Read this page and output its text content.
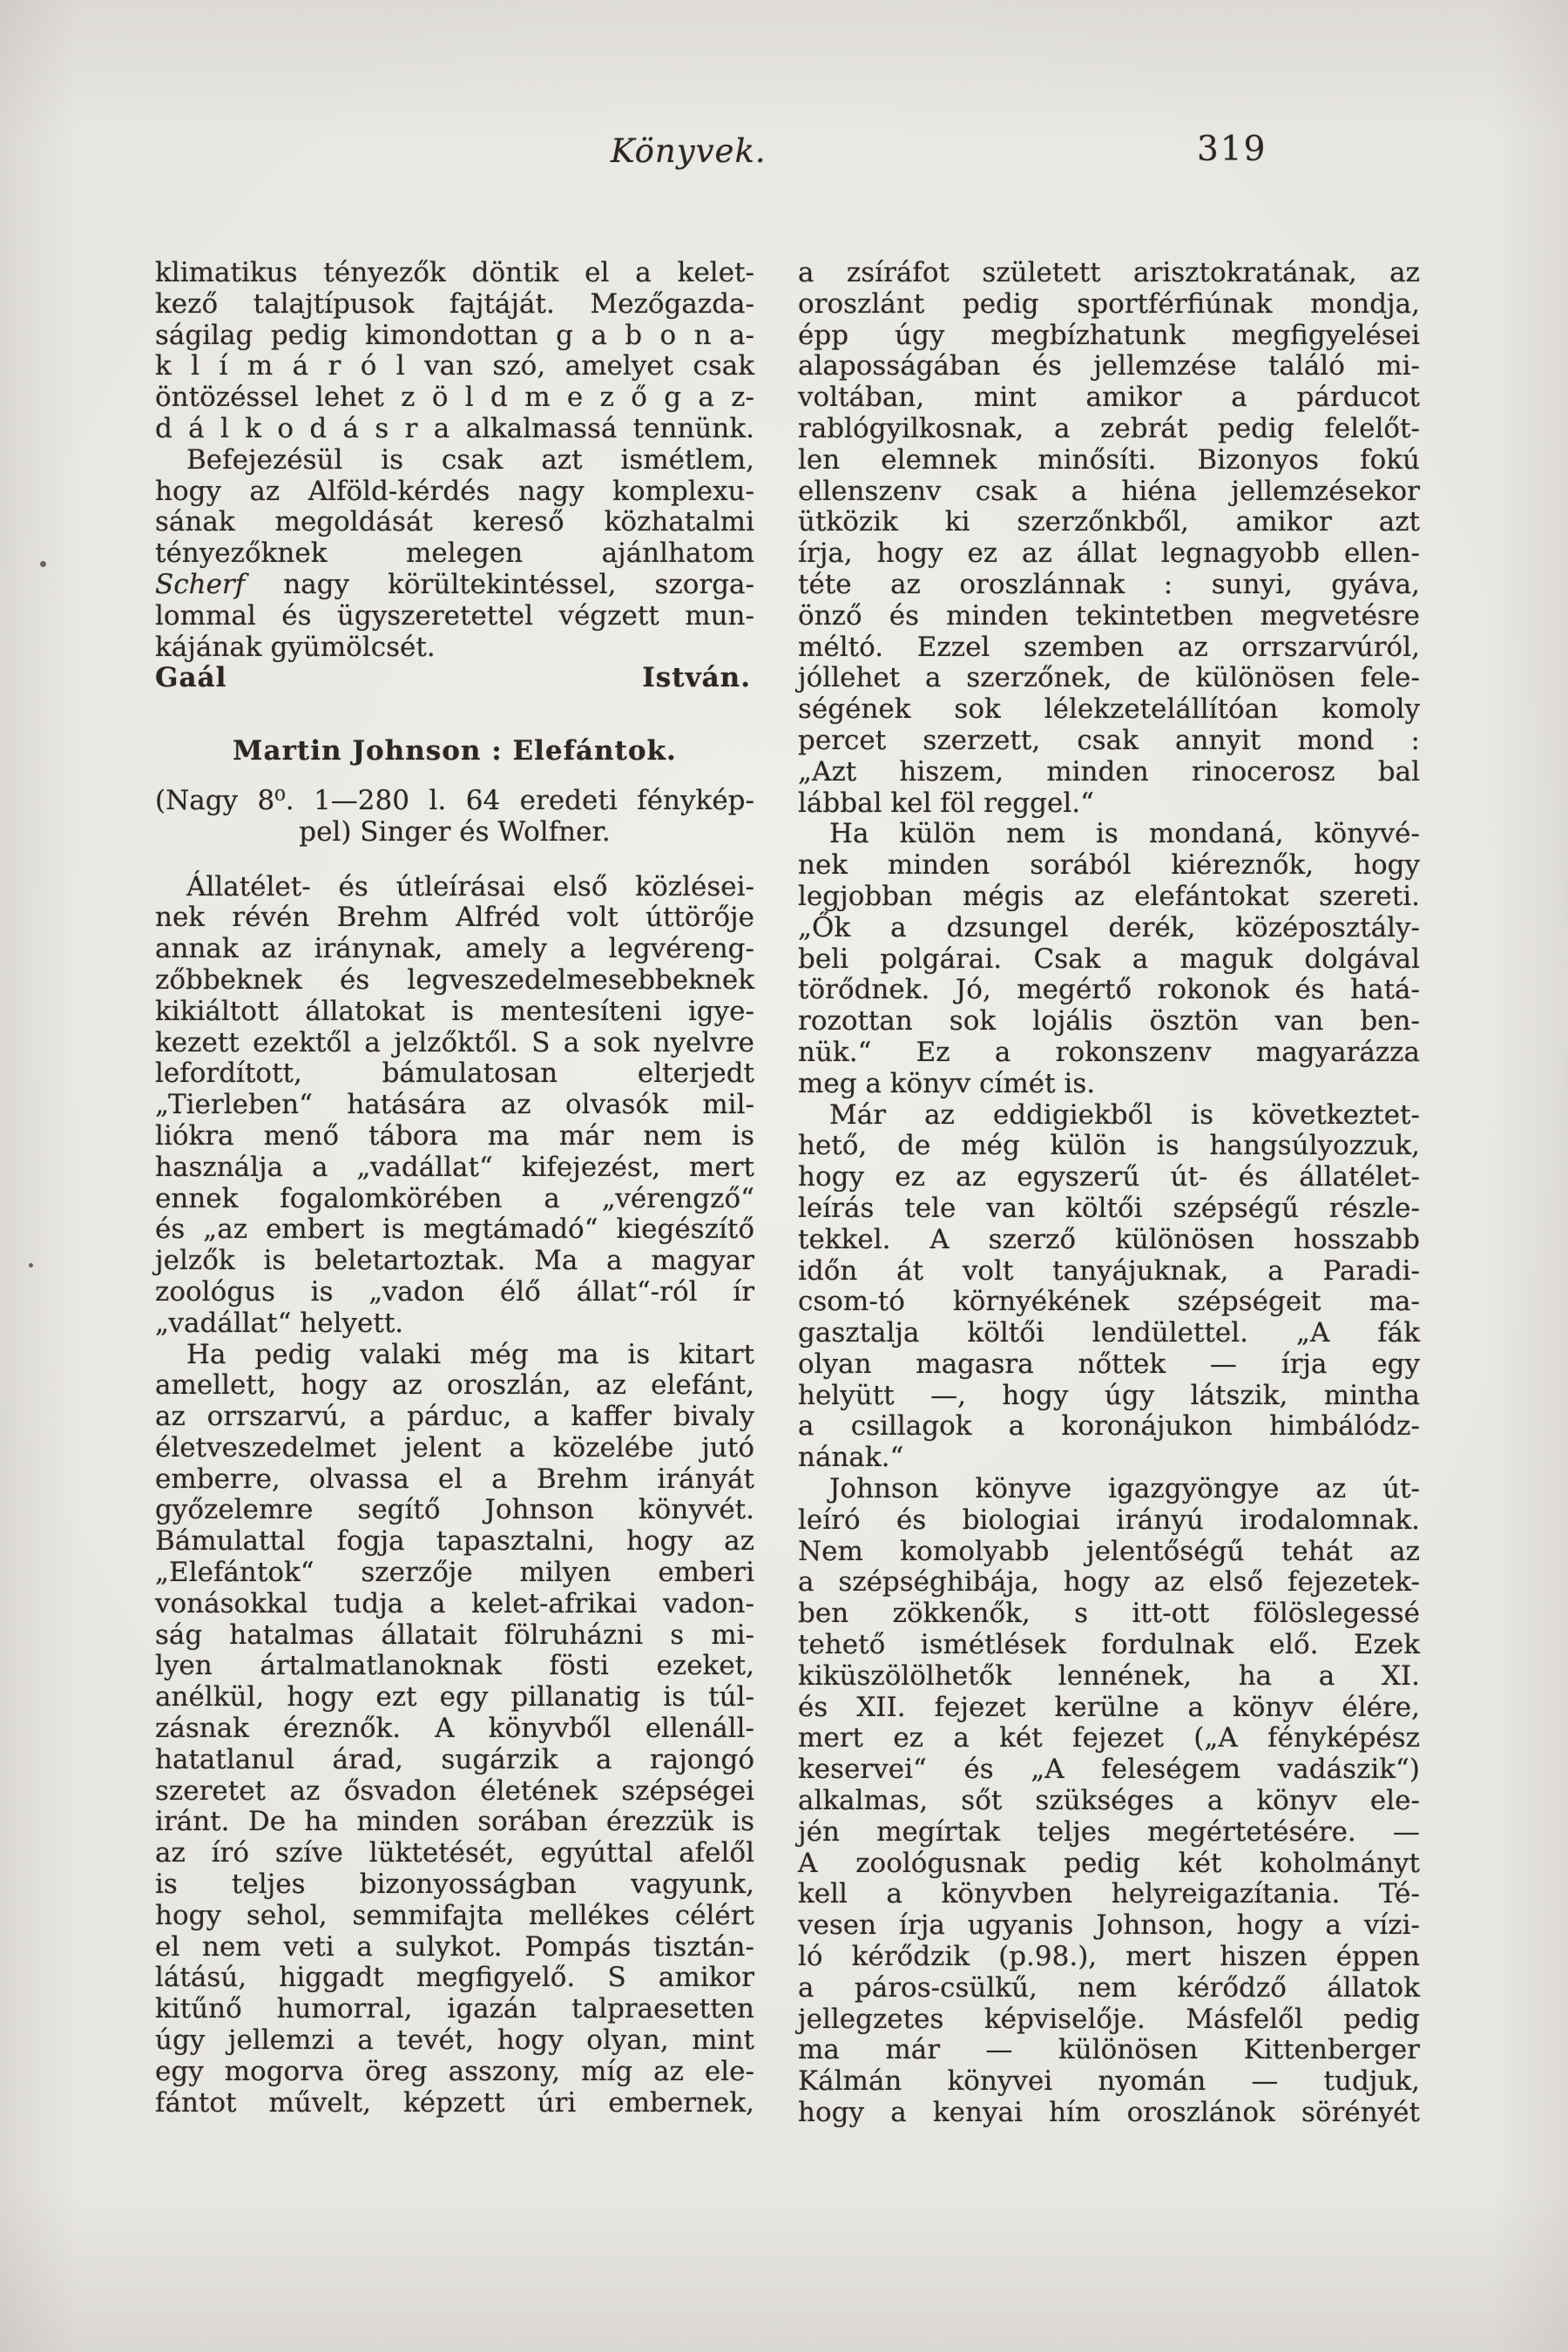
Könyvek.	319
klimatikus tényezők döntik el a kelet-
kező talajtípusok fajtáját. Mezőgazda-
ságilag pedig kimondottan g a b o n a-
k l í m á r ó l van szó, amelyet csak
öntözéssel lehet z ö l d m e z ő g a z-
d á l k o d á s r a alkalmassá tennünk.
Befejezésül is csak azt ismétlem,
hogy az Alföld-kérdés nagy komplexu-
sának megoldását kereső közhatalmi
tényezőknek melegen ajánlhatom
Scherf nagy körültekintéssel, szorga-
lommal és ügyszeretettel végzett mun-
kájának gyümölcsét.
Gaál István.
Martin Johnson : Elefántok.
(Nagy 8⁰. 1—280 l. 64 eredeti fénykép-
pel) Singer és Wolfner.
Állatélet- és útleírásai első közlései-
nek révén Brehm Alfréd volt úttörője
annak az iránynak, amely a legvéreng-
zőbbeknek és legveszedelmesebbeknek
kikiáltott állatokat is mentesíteni igye-
kezett ezektől a jelzőktől. S a sok nyelvre
lefordított, bámulatosan elterjedt
„Tierleben“ hatására az olvasók mil-
liókra menő tábora ma már nem is
használja a „vadállat“ kifejezést, mert
ennek fogalomkörében a „vérengző“
és „az embert is megtámadó“ kiegészítő
jelzők is beletartoztak. Ma a magyar
zoológus is „vadon élő állat“-ról ír
„vadállat“ helyett.
Ha pedig valaki még ma is kitart
amellett, hogy az oroszlán, az elefánt,
az orrszarvú, a párduc, a kaffer bivaly
életveszedelmet jelent a közelébe jutó
emberre, olvassa el a Brehm irányát
győzelemre segítő Johnson könyvét.
Bámulattal fogja tapasztalni, hogy az
„Elefántok“ szerzője milyen emberi
vonásokkal tudja a kelet-afrikai vadon-
ság hatalmas állatait fölruházni s mi-
lyen ártalmatlanoknak fösti ezeket,
anélkül, hogy ezt egy pillanatig is túl-
zásnak éreznők. A könyvből ellenáll-
hatatlanul árad, sugárzik a rajongó
szeretet az ősvadon életének szépségei
iránt. De ha minden sorában érezzük is
az író szíve lüktetését, egyúttal afelől
is teljes bizonyosságban vagyunk,
hogy sehol, semmifajta mellékes célért
el nem veti a sulykot. Pompás tisztán-
látású, higgadt megfigyelő. S amikor
kitűnő humorral, igazán talpraesetten
úgy jellemzi a tevét, hogy olyan, mint
egy mogorva öreg asszony, míg az ele-
fántot művelt, képzett úri embernek,
a zsíráfot született arisztokratának, az
oroszlánt pedig sportférfiúnak mondja,
épp úgy megbízhatunk megfigyelései
alaposságában és jellemzése találó mi-
voltában, mint amikor a párducot
rablógyilkosnak, a zebrát pedig felelőt-
len elemnek minősíti. Bizonyos fokú
ellenszenv csak a hiéna jellemzésekor
ütközik ki szerzőnkből, amikor azt
írja, hogy ez az állat legnagyobb ellen-
téte az oroszlánnak : sunyi, gyáva,
önző és minden tekintetben megvetésre
méltó. Ezzel szemben az orrszarvúról,
jóllehet a szerzőnek, de különösen fele-
ségének sok lélekzetelállítóan komoly
percet szerzett, csak annyit mond :
„Azt hiszem, minden rinocerosz bal
lábbal kel föl reggel.“
Ha külön nem is mondaná, könyvé-
nek minden sorából kiéreznők, hogy
legjobban mégis az elefántokat szereti.
„Ők a dzsungel derék, középosztály-
beli polgárai. Csak a maguk dolgával
törődnek. Jó, megértő rokonok és hatá-
rozottan sok lojális ösztön van ben-
nük.“ Ez a rokonszenv magyarázza
meg a könyv címét is.
Már az eddigiekből is következtet-
hető, de még külön is hangsúlyozzuk,
hogy ez az egyszerű út- és állatélet-
leírás tele van költői szépségű részle-
tekkel. A szerző különösen hosszabb
időn át volt tanyájuknak, a Paradi-
csom-tó környékének szépségeit ma-
gasztalja költői lendülettel. „A fák
olyan magasra nőttek — írja egy
helyütt —, hogy úgy látszik, mintha
a csillagok a koronájukon himbálódz-
nának.“
Johnson könyve igazgyöngye az út-
leíró és biologiai irányú irodalomnak.
Nem komolyabb jelentőségű tehát az
a szépséghibája, hogy az első fejezetek-
ben zökkenők, s itt-ott fölöslegessé
tehető ismétlések fordulnak elő. Ezek
kiküszölölhetők lennének, ha a XI.
és XII. fejezet kerülne a könyv élére,
mert ez a két fejezet („A fényképész
keservei“ és „A feleségem vadászik“)
alkalmas, sőt szükséges a könyv ele-
jén megírtak teljes megértetésére. —
A zoológusnak pedig két koholmányt
kell a könyvben helyreigazítania. Té-
vesen írja ugyanis Johnson, hogy a vízi-
ló kérődzik (p.98.), mert hiszen éppen
a páros-csülkű, nem kérődző állatok
jellegzetes képviselője. Másfelől pedig
ma már — különösen Kittenberger
Kálmán könyvei nyomán — tudjuk,
hogy a kenyai hím oroszlánok sörényét
